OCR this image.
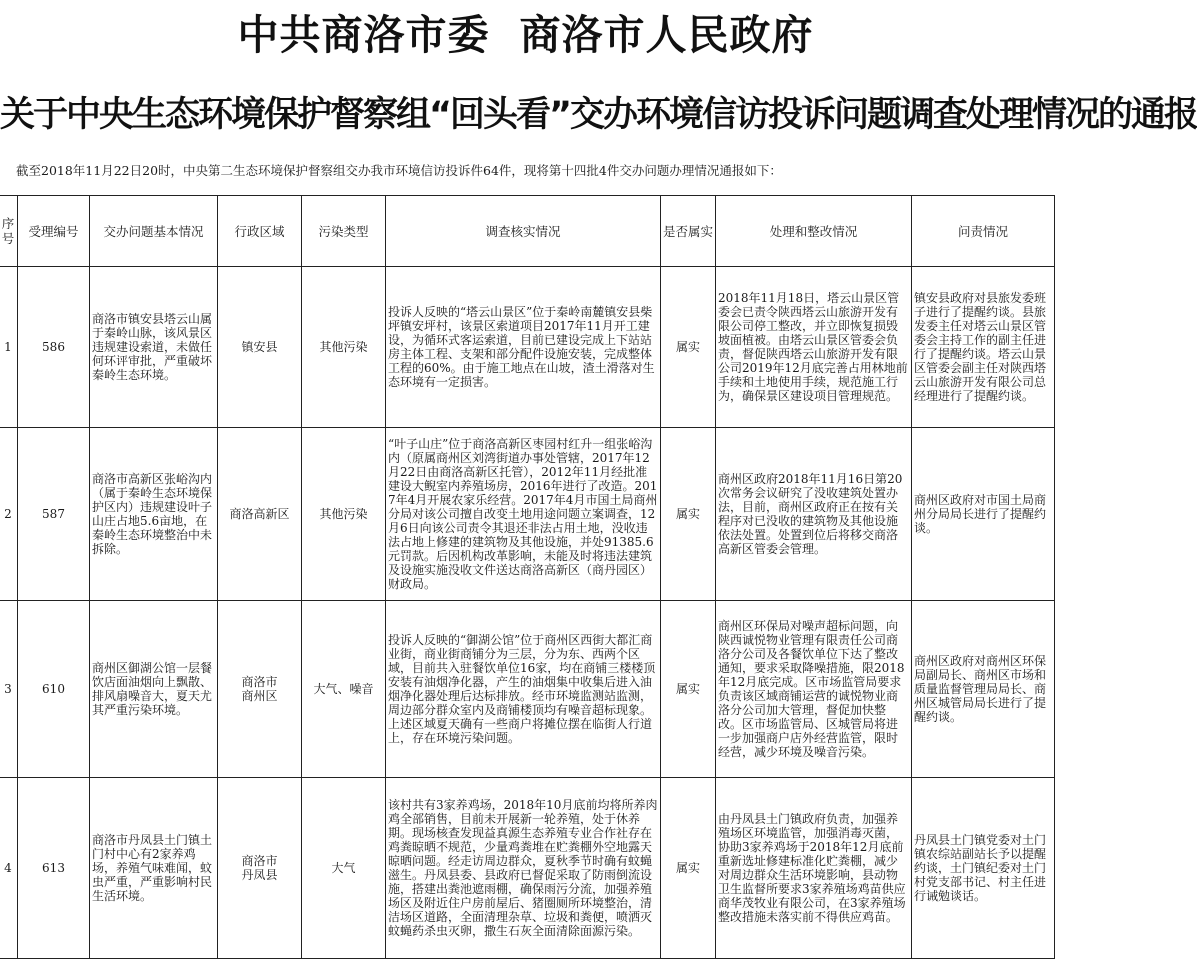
中共商洛市委 商洛市人民政府
关于中央生态环境保护督察组“回头看”交办环境信访投诉问题调查处理情况的通报
截至2018年11月22日20时，中央第二生态环境保护督察组交办我市环境信访投诉件64件，现将第十四批4件交办问题办理情况通报如下：
序号	受理编号	交办问题基本情况	行政区域	污染类型	调查核实情况	是否属实	处理和整改情况	问责情况
1	586	商洛市镇安县塔云山属于秦岭山脉，该风景区违规建设索道，未做任何环评审批，严重破坏秦岭生态环境。	镇安县	其他污染	投诉人反映的“塔云山景区”位于秦岭南麓镇安县柴坪镇安坪村，该景区索道项目2017年11月开工建设，为循环式客运索道，目前已建设完成上下站站房主体工程、支架和部分配件设施安装，完成整体工程的60%。由于施工地点在山坡，渣土滑落对生态环境有一定损害。	属实	2018年11月18日，塔云山景区管委会已责令陕西塔云山旅游开发有限公司停工整改，并立即恢复损毁坡面植被。由塔云山景区管委会负责，督促陕西塔云山旅游开发有限公司2019年12月底完善占用林地前手续和土地使用手续，规范施工行为，确保景区建设项目管理规范。	镇安县政府对县旅发委班子进行了提醒约谈。县旅发委主任对塔云山景区管委会主持工作的副主任进行了提醒约谈。塔云山景区管委会副主任对陕西塔云山旅游开发有限公司总经理进行了提醒约谈。
2	587	商洛市高新区张峪沟内（属于秦岭生态环境保护区内）违规建设叶子山庄占地5.6亩地，在秦岭生态环境整治中未拆除。	商洛高新区	其他污染	“叶子山庄”位于商洛高新区枣园村红升一组张峪沟内（原属商州区刘湾街道办事处管辖，2017年12月22日由商洛高新区托管），2012年11月经批准建设大鲵室内养殖场房，2016年进行了改造。2017年4月开展农家乐经营。2017年4月市国土局商州分局对该公司擅自改变土地用途问题立案调查，12月6日向该公司责令其退还非法占用土地，没收违法占地上修建的建筑物及其他设施，并处91385.6元罚款。后因机构改革影响，未能及时将违法建筑及设施实施没收文件送达商洛高新区（商丹园区）财政局。	属实	商州区政府2018年11月16日第20次常务会议研究了没收建筑处置办法，目前，商州区政府正在按有关程序对已没收的建筑物及其他设施依法处置。处置到位后将移交商洛高新区管委会管理。	商州区政府对市国土局商州分局局长进行了提醒约谈。
3	610	商州区御湖公馆一层餐饮店面油烟向上飘散、排风扇噪音大，夏天尤其严重污染环境。	商洛市
商州区	大气、噪音	投诉人反映的“御湖公馆”位于商州区西街大都汇商业街，商业街商铺分为三层，分为东、西两个区域，目前共入驻餐饮单位16家，均在商铺三楼楼顶安装有油烟净化器，产生的油烟集中收集后进入油烟净化器处理后达标排放。经市环境监测站监测，周边部分群众室内及商铺楼顶均有噪音超标现象。上述区域夏天确有一些商户将摊位摆在临街人行道上，存在环境污染问题。	属实	商州区环保局对噪声超标问题，向陕西诚悦物业管理有限责任公司商洛分公司及各餐饮单位下达了整改通知，要求采取降噪措施，限2018年12月底完成。区市场监管局要求负责该区域商铺运营的诚悦物业商洛分公司加大管理，督促加快整改。区市场监管局、区城管局将进一步加强商户店外经营监管，限时经营，减少环境及噪音污染。	商州区政府对商州区环保局副局长、商州区市场和质量监督管理局局长、商州区城管局局长进行了提醒约谈。
4	613	商洛市丹凤县土门镇土门村中心有2家养鸡场，养殖气味难闻，蚊虫严重，严重影响村民生活环境。	商洛市
丹凤县	大气	该村共有3家养鸡场，2018年10月底前均将所养肉鸡全部销售，目前未开展新一轮养殖，处于休养期。现场核查发现益真源生态养殖专业合作社存在鸡粪晾晒不规范，少量鸡粪堆在贮粪棚外空地露天晾晒问题。经走访周边群众，夏秋季节时确有蚊蝇滋生。丹凤县委、县政府已督促采取了防雨倒流设施，搭建出粪池遮雨棚，确保雨污分流，加强养殖场区及附近住户房前屋后、猪圈厕所环境整治，清洁场区道路，全面清理杂草、垃圾和粪便，喷洒灭蚊蝇药杀虫灭卵，撒生石灰全面清除面源污染。	属实	由丹凤县土门镇政府负责，加强养殖场区环境监管，加强消毒灭菌，协助3家养鸡场于2018年12月底前重新选址修建标准化贮粪棚，减少对周边群众生活环境影响，县动物卫生监督所要求3家养殖场鸡苗供应商华茂牧业有限公司，在3家养殖场整改措施未落实前不得供应鸡苗。	丹凤县土门镇党委对土门镇农综站副站长予以提醒约谈，土门镇纪委对土门村党支部书记、村主任进行诫勉谈话。
